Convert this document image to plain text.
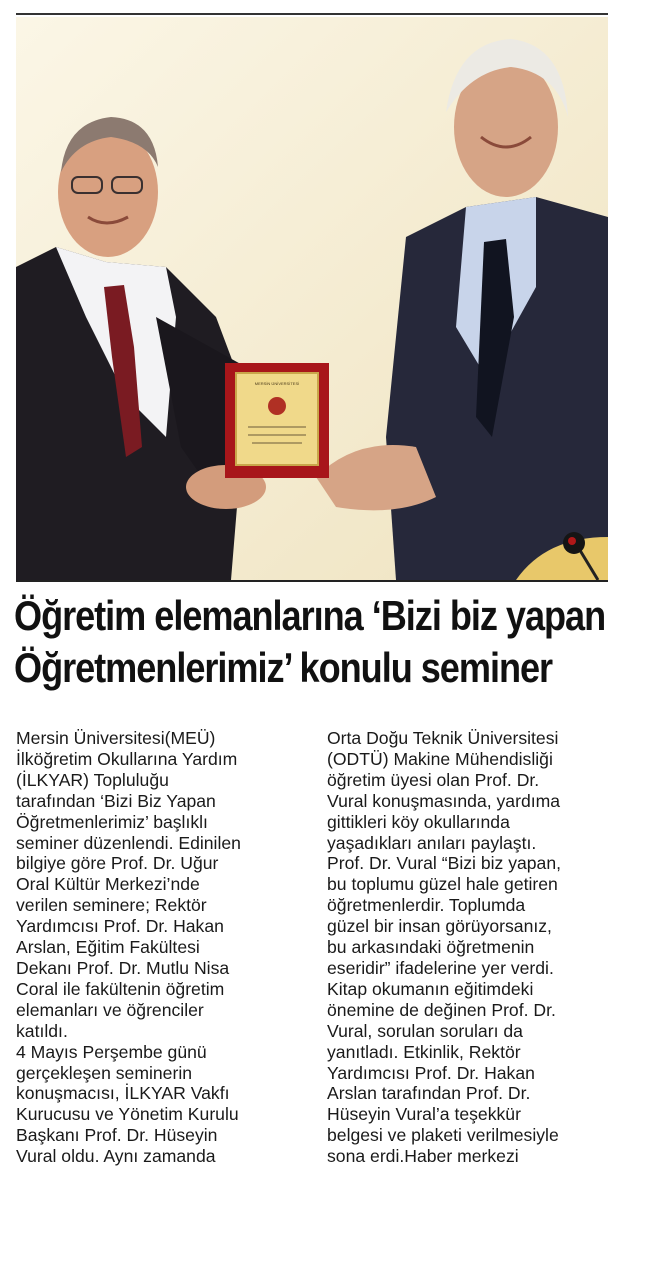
MERSİN ÜNİVERSİTESİ
Öğretim elemanlarına ‘Bizi biz yapan
Öğretmenlerimiz’ konulu seminer
Mersin Üniversitesi(MEÜ)
İlköğretim Okullarına Yardım
(İLKYAR) Topluluğu
tarafından ‘Bizi Biz Yapan
Öğretmenlerimiz’ başlıklı
seminer düzenlendi. Edinilen
bilgiye göre Prof. Dr. Uğur
Oral Kültür Merkezi’nde
verilen seminere; Rektör
Yardımcısı Prof. Dr. Hakan
Arslan, Eğitim Fakültesi
Dekanı Prof. Dr. Mutlu Nisa
Coral ile fakültenin öğretim
elemanları ve öğrenciler
katıldı.
4 Mayıs Perşembe günü
gerçekleşen seminerin
konuşmacısı, İLKYAR Vakfı
Kurucusu ve Yönetim Kurulu
Başkanı Prof. Dr. Hüseyin
Vural oldu. Aynı zamanda
Orta Doğu Teknik Üniversitesi
(ODTÜ) Makine Mühendisliği
öğretim üyesi olan Prof. Dr.
Vural konuşmasında, yardıma
gittikleri köy okullarında
yaşadıkları anıları paylaştı.
Prof. Dr. Vural “Bizi biz yapan,
bu toplumu güzel hale getiren
öğretmenlerdir. Toplumda
güzel bir insan görüyorsanız,
bu arkasındaki öğretmenin
eseridir” ifadelerine yer verdi.
Kitap okumanın eğitimdeki
önemine de değinen Prof. Dr.
Vural, sorulan soruları da
yanıtladı. Etkinlik, Rektör
Yardımcısı Prof. Dr. Hakan
Arslan tarafından Prof. Dr.
Hüseyin Vural’a teşekkür
belgesi ve plaketi verilmesiyle
sona erdi.Haber merkezi
